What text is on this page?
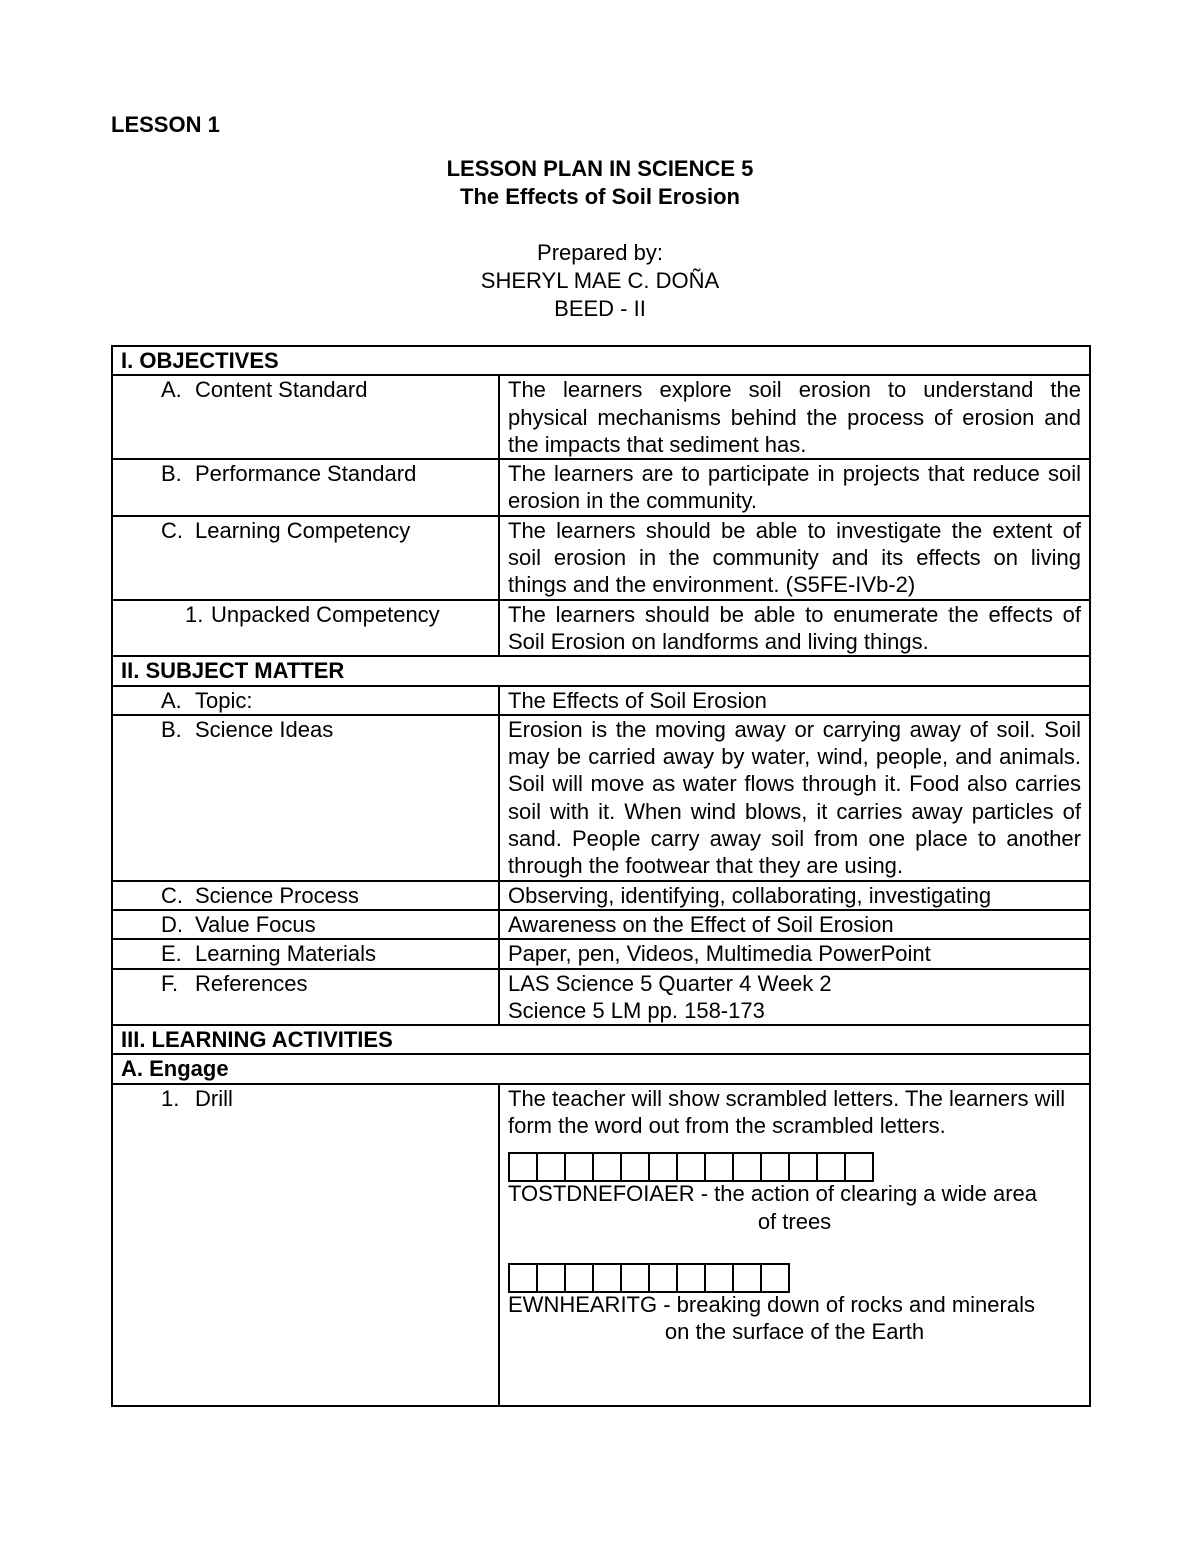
LESSON 1
LESSON PLAN IN SCIENCE 5
The Effects of Soil Erosion
Prepared by:
SHERYL MAE C. DOÑA
BEED - II
I. OBJECTIVES	
A. Content Standard	The learners explore soil erosion to understand the physical mechanisms behind the process of erosion and the impacts that sediment has.
B. Performance Standard	The learners are to participate in projects that reduce soil erosion in the community.
C. Learning Competency	The learners should be able to investigate the extent of soil erosion in the community and its effects on living things and the environment. (S5FE-IVb-2)
1. Unpacked Competency	The learners should be able to enumerate the effects of Soil Erosion on landforms and living things.
II. SUBJECT MATTER	
A. Topic:	The Effects of Soil Erosion
B. Science Ideas	Erosion is the moving away or carrying away of soil. Soil may be carried away by water, wind, people, and animals. Soil will move as water flows through it. Food also carries soil with it. When wind blows, it carries away particles of sand. People carry away soil from one place to another through the footwear that they are using.
C. Science Process	Observing, identifying, collaborating, investigating
D. Value Focus	Awareness on the Effect of Soil Erosion
E. Learning Materials	Paper, pen, Videos, Multimedia PowerPoint
F. References	LAS Science 5 Quarter 4 Week 2
Science 5 LM pp. 158-173

III. LEARNING ACTIVITIES	
A. Engage	
1. Drill	The teacher will show scrambled letters. The learners will form the word out from the scrambled letters.
TOSTDNEFOIAER - the action of clearing a wide area
of trees
EWNHEARITG - breaking down of rocks and minerals
on the surface of the Earth
